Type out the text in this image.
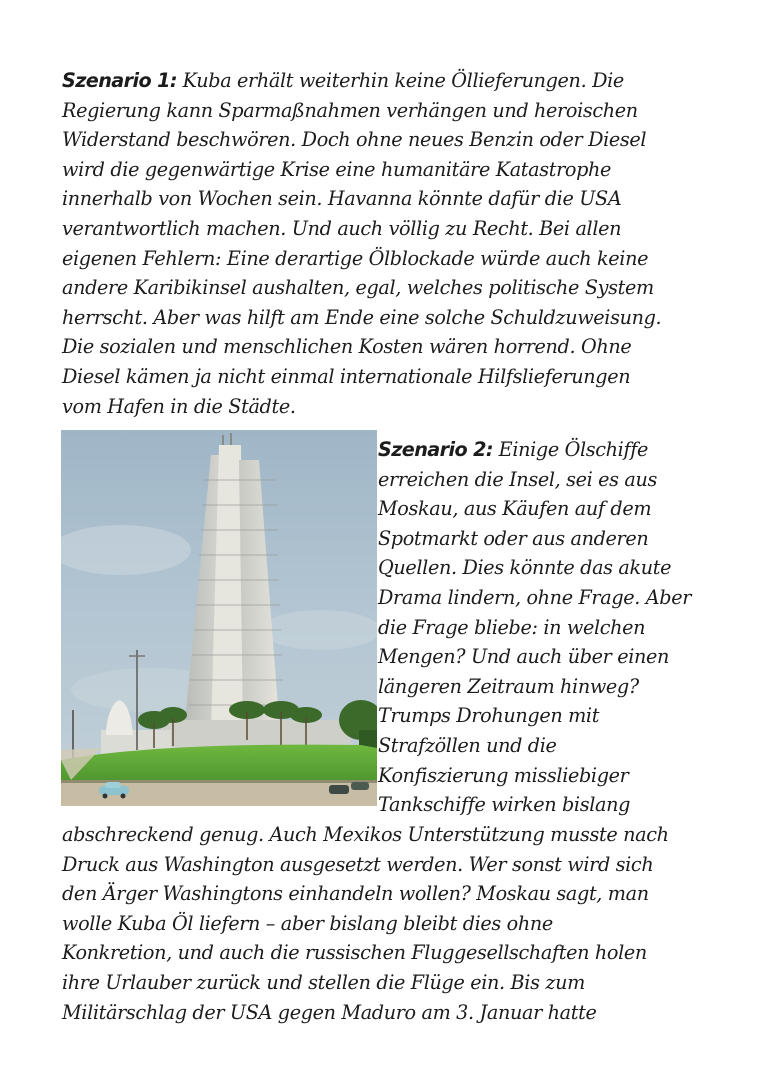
Szenario 1: Kuba erhält weiterhin keine Öllieferungen. Die
Regierung kann Sparmaßnahmen verhängen und heroischen
Widerstand beschwören. Doch ohne neues Benzin oder Diesel
wird die gegenwärtige Krise eine humanitäre Katastrophe
innerhalb von Wochen sein. Havanna könnte dafür die USA
verantwortlich machen. Und auch völlig zu Recht. Bei allen
eigenen Fehlern: Eine derartige Ölblockade würde auch keine
andere Karibikinsel aushalten, egal, welches politische System
herrscht. Aber was hilft am Ende eine solche Schuldzuweisung.
Die sozialen und menschlichen Kosten wären horrend. Ohne
Diesel kämen ja nicht einmal internationale Hilfslieferungen
vom Hafen in die Städte.
Szenario 2: Einige Ölschiffe
erreichen die Insel, sei es aus
Moskau, aus Käufen auf dem
Spotmarkt oder aus anderen
Quellen. Dies könnte das akute
Drama lindern, ohne Frage. Aber
die Frage bliebe: in welchen
Mengen? Und auch über einen
längeren Zeitraum hinweg?
Trumps Drohungen mit
Strafzöllen und die
Konfiszierung missliebiger
Tankschiffe wirken bislang
abschreckend genug. Auch Mexikos Unterstützung musste nach
Druck aus Washington ausgesetzt werden. Wer sonst wird sich
den Ärger Washingtons einhandeln wollen? Moskau sagt, man
wolle Kuba Öl liefern – aber bislang bleibt dies ohne
Konkretion, und auch die russischen Fluggesellschaften holen
ihre Urlauber zurück und stellen die Flüge ein. Bis zum
Militärschlag der USA gegen Maduro am 3. Januar hatte
